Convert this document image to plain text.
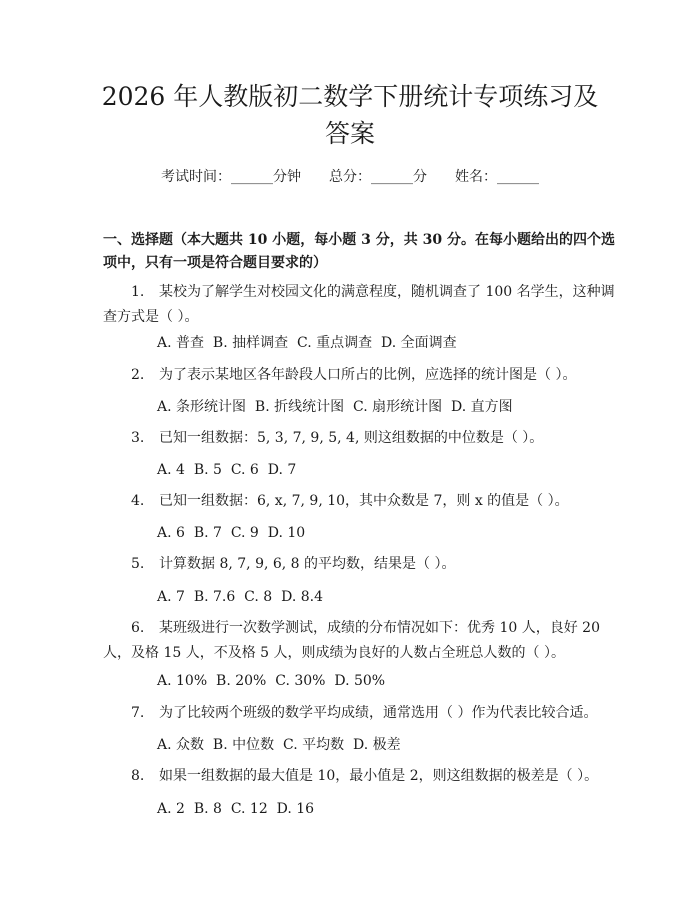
2026 年人教版初二数学下册统计专项练习及答案
考试时间：______分钟 总分：______分 姓名：______
一、选择题（本大题共 10 小题，每小题 3 分，共 30 分。在每小题给出的四个选项中，只有一项是符合题目要求的）
1. 某校为了解学生对校园文化的满意程度，随机调查了 100 名学生，这种调查方式是（ ）。
A. 普查  B. 抽样调查  C. 重点调查  D. 全面调查
2. 为了表示某地区各年龄段人口所占的比例，应选择的统计图是（ ）。
A. 条形统计图  B. 折线统计图  C. 扇形统计图  D. 直方图
3. 已知一组数据：5, 3, 7, 9, 5, 4, 则这组数据的中位数是（ ）。
A. 4  B. 5  C. 6  D. 7
4. 已知一组数据：6, x, 7, 9, 10，其中众数是 7，则 x 的值是（ ）。
A. 6  B. 7  C. 9  D. 10
5. 计算数据 8, 7, 9, 6, 8 的平均数，结果是（ ）。
A. 7  B. 7.6  C. 8  D. 8.4
6. 某班级进行一次数学测试，成绩的分布情况如下：优秀 10 人，良好 20 人，及格 15 人，不及格 5 人，则成绩为良好的人数占全班总人数的（ ）。
A. 10%  B. 20%  C. 30%  D. 50%
7. 为了比较两个班级的数学平均成绩，通常选用（ ）作为代表比较合适。
A. 众数  B. 中位数  C. 平均数  D. 极差
8. 如果一组数据的最大值是 10，最小值是 2，则这组数据的极差是（ ）。
A. 2  B. 8  C. 12  D. 16
